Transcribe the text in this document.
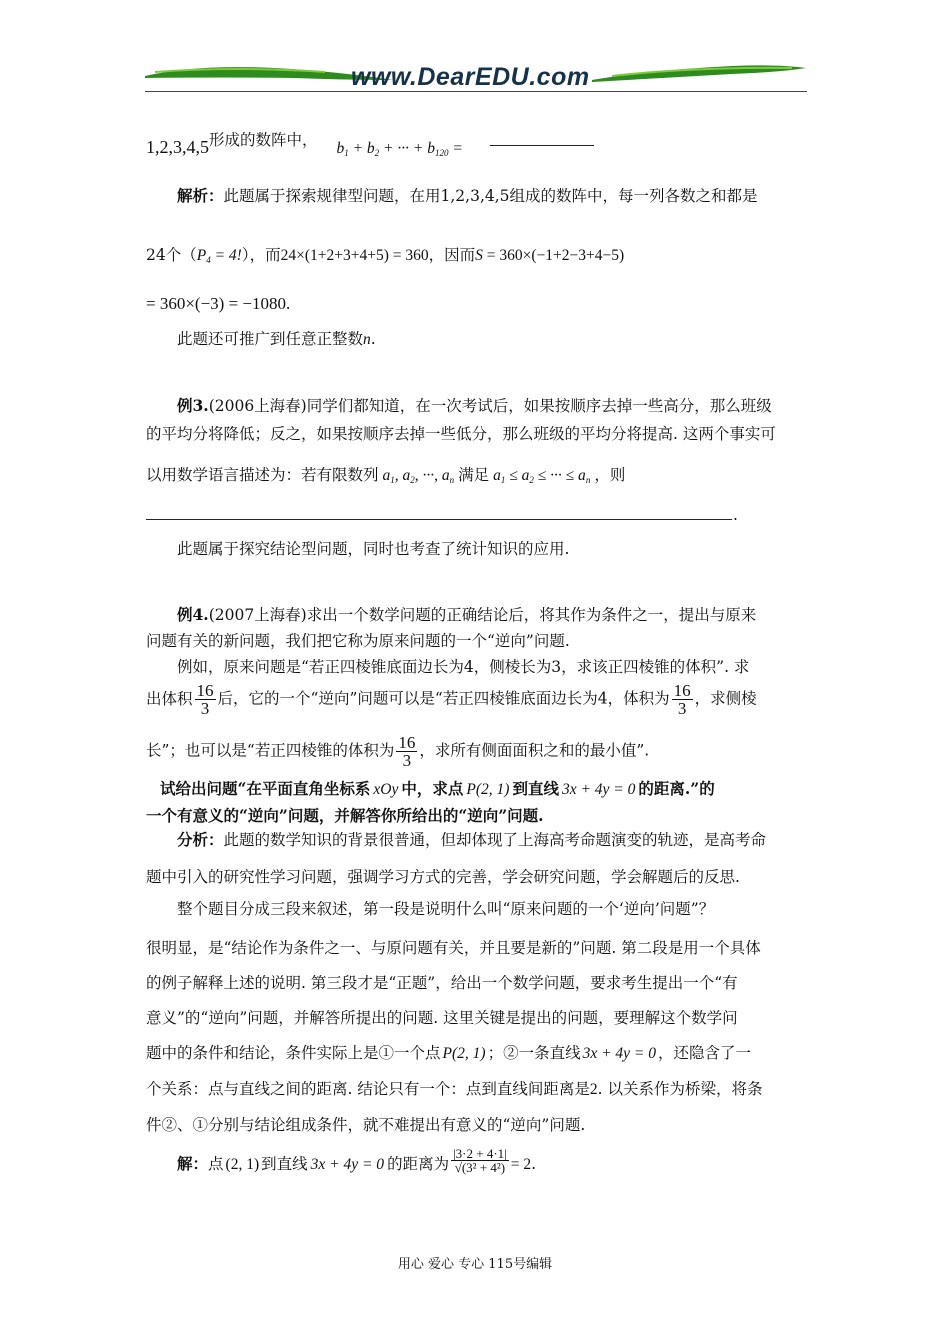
www.DearEDU.com
1,2,3,4,5形成的数阵中， $b_1 + b_2$ + ··· + $b_{120}$ =
解析：此题属于探索规律型问题，在用1,2,3,4,5组成的数阵中，每一列各数之和都是
24个$(P_4 = 4!)$，而24×(1+2+3+4+5) = 360，因而S = 360×(−1+2−3+4−5)
= 360×(−3) = −1080.
此题还可推广到任意正整数n.
例3.(2006上海春)同学们都知道，在一次考试后，如果按顺序去掉一些高分，那么班级
的平均分将降低；反之，如果按顺序去掉一些低分，那么班级的平均分将提高. 这两个事实可
以用数学语言描述为：若有限数列 $a_1$, $a_2$, ···, $a_n$ 满足 $a_1 \le a_2$ ≤ ··· ≤ $a_n$ ，则
.
此题属于探究结论型问题，同时也考查了统计知识的应用.
例4.(2007上海春)求出一个数学问题的正确结论后，将其作为条件之一，提出与原来
问题有关的新问题，我们把它称为原来问题的一个“逆向”问题.
例如，原来问题是“若正四棱锥底面边长为4，侧棱长为3，求该正四棱锥的体积”. 求
出体积 $\frac{16}{3}$ 后，它的一个“逆向”问题可以是“若正四棱锥底面边长为4，体积为 $\frac{16}{3}$ ，求侧棱
长”；也可以是“若正四棱锥的体积为 $\frac{16}{3}$ ，求所有侧面面积之和的最小值”.
试给出问题“在平面直角坐标系 xOy 中，求点 P(2, 1) 到直线 3x + 4y = 0 的距离.”的
一个有意义的“逆向”问题，并解答你所给出的“逆向”问题.
分析：此题的数学知识的背景很普通，但却体现了上海高考命题演变的轨迹，是高考命
题中引入的研究性学习问题，强调学习方式的完善，学会研究问题，学会解题后的反思.
整个题目分成三段来叙述，第一段是说明什么叫“原来问题的一个‘逆向’问题”？
很明显，是“结论作为条件之一、与原问题有关，并且要是新的”问题. 第二段是用一个具体
的例子解释上述的说明. 第三段才是“正题”，给出一个数学问题，要求考生提出一个“有
意义”的“逆向”问题，并解答所提出的问题. 这里关键是提出的问题，要理解这个数学问
题中的条件和结论，条件实际上是①一个点 P(2, 1) ；②一条直线 3x + 4y = 0 ，还隐含了一
个关系：点与直线之间的距离. 结论只有一个：点到直线间距离是2. 以关系作为桥梁，将条
件②、①分别与结论组成条件，就不难提出有意义的“逆向”问题.
解：点 (2, 1) 到直线 3x + 4y = 0 的距离为 $\frac{|3\cdot 2 + 4\cdot 1|}{\text{√(3² + 4²)}} = 2$.
用心 爱心 专心 115号编辑
